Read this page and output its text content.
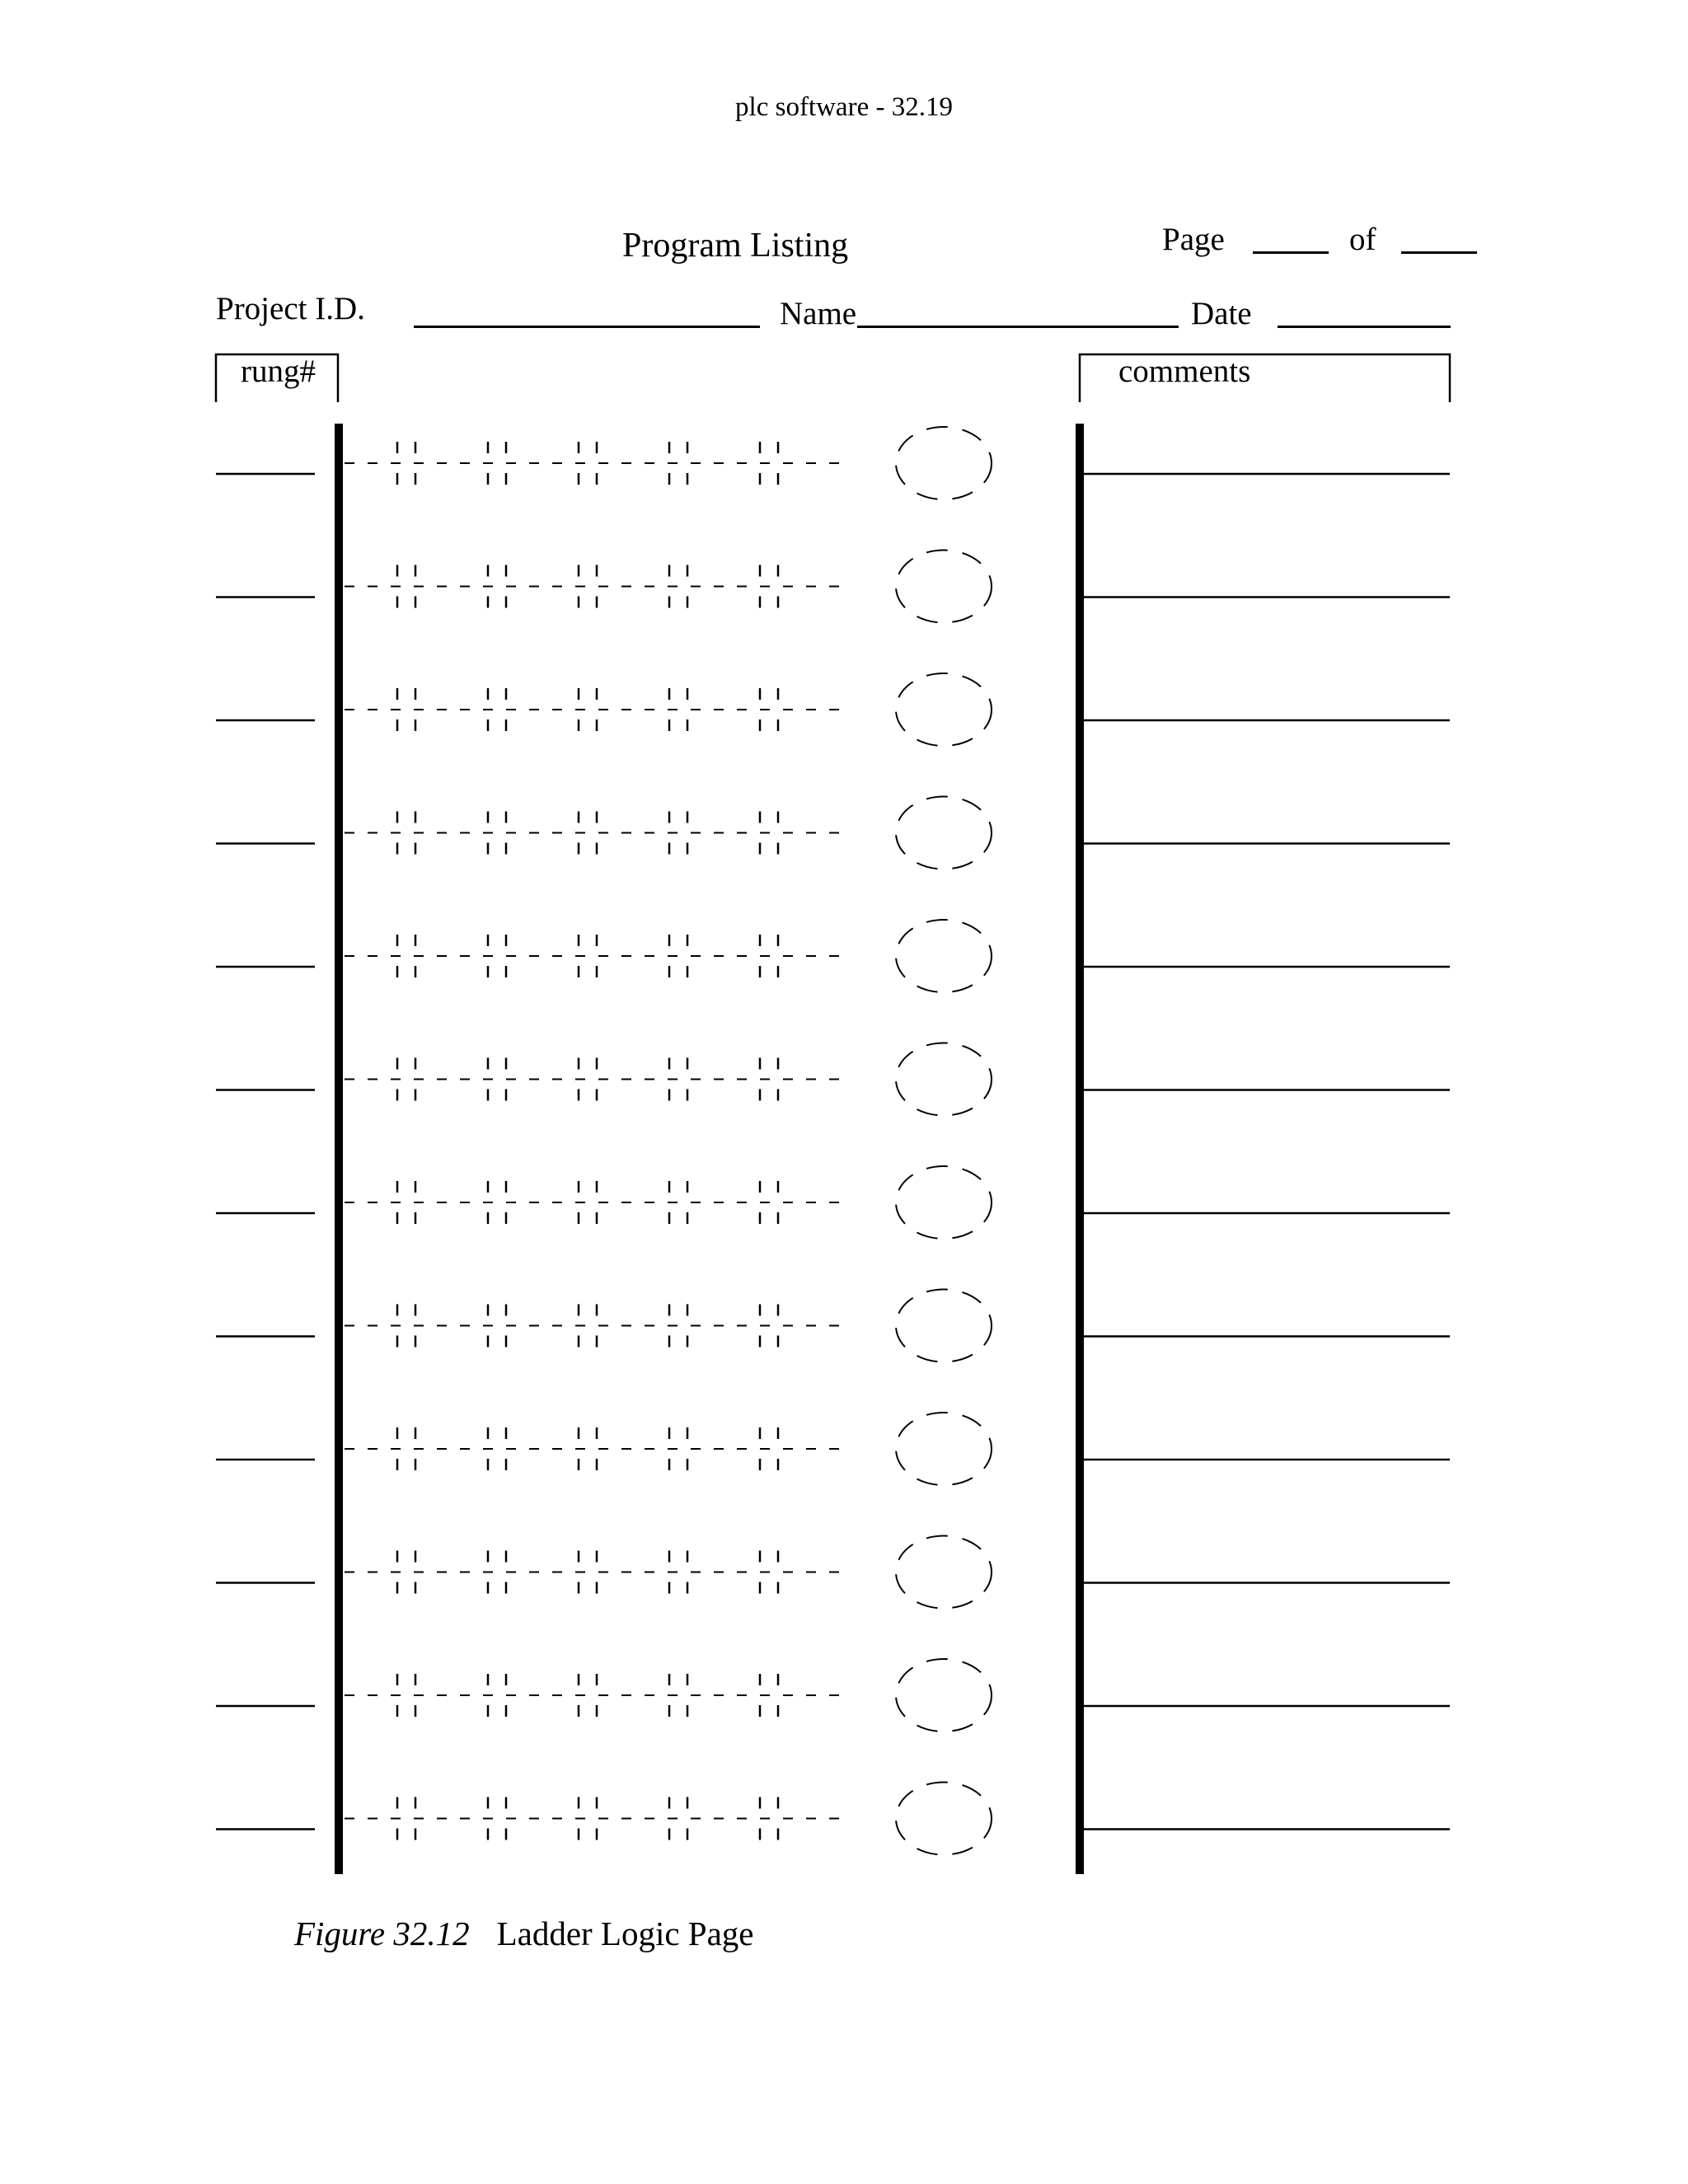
plc software - 32.19
Program Listing	Page	of
Project I.D.	Name	Date
rung#	comments
Figure 32.12 Ladder Logic Page
